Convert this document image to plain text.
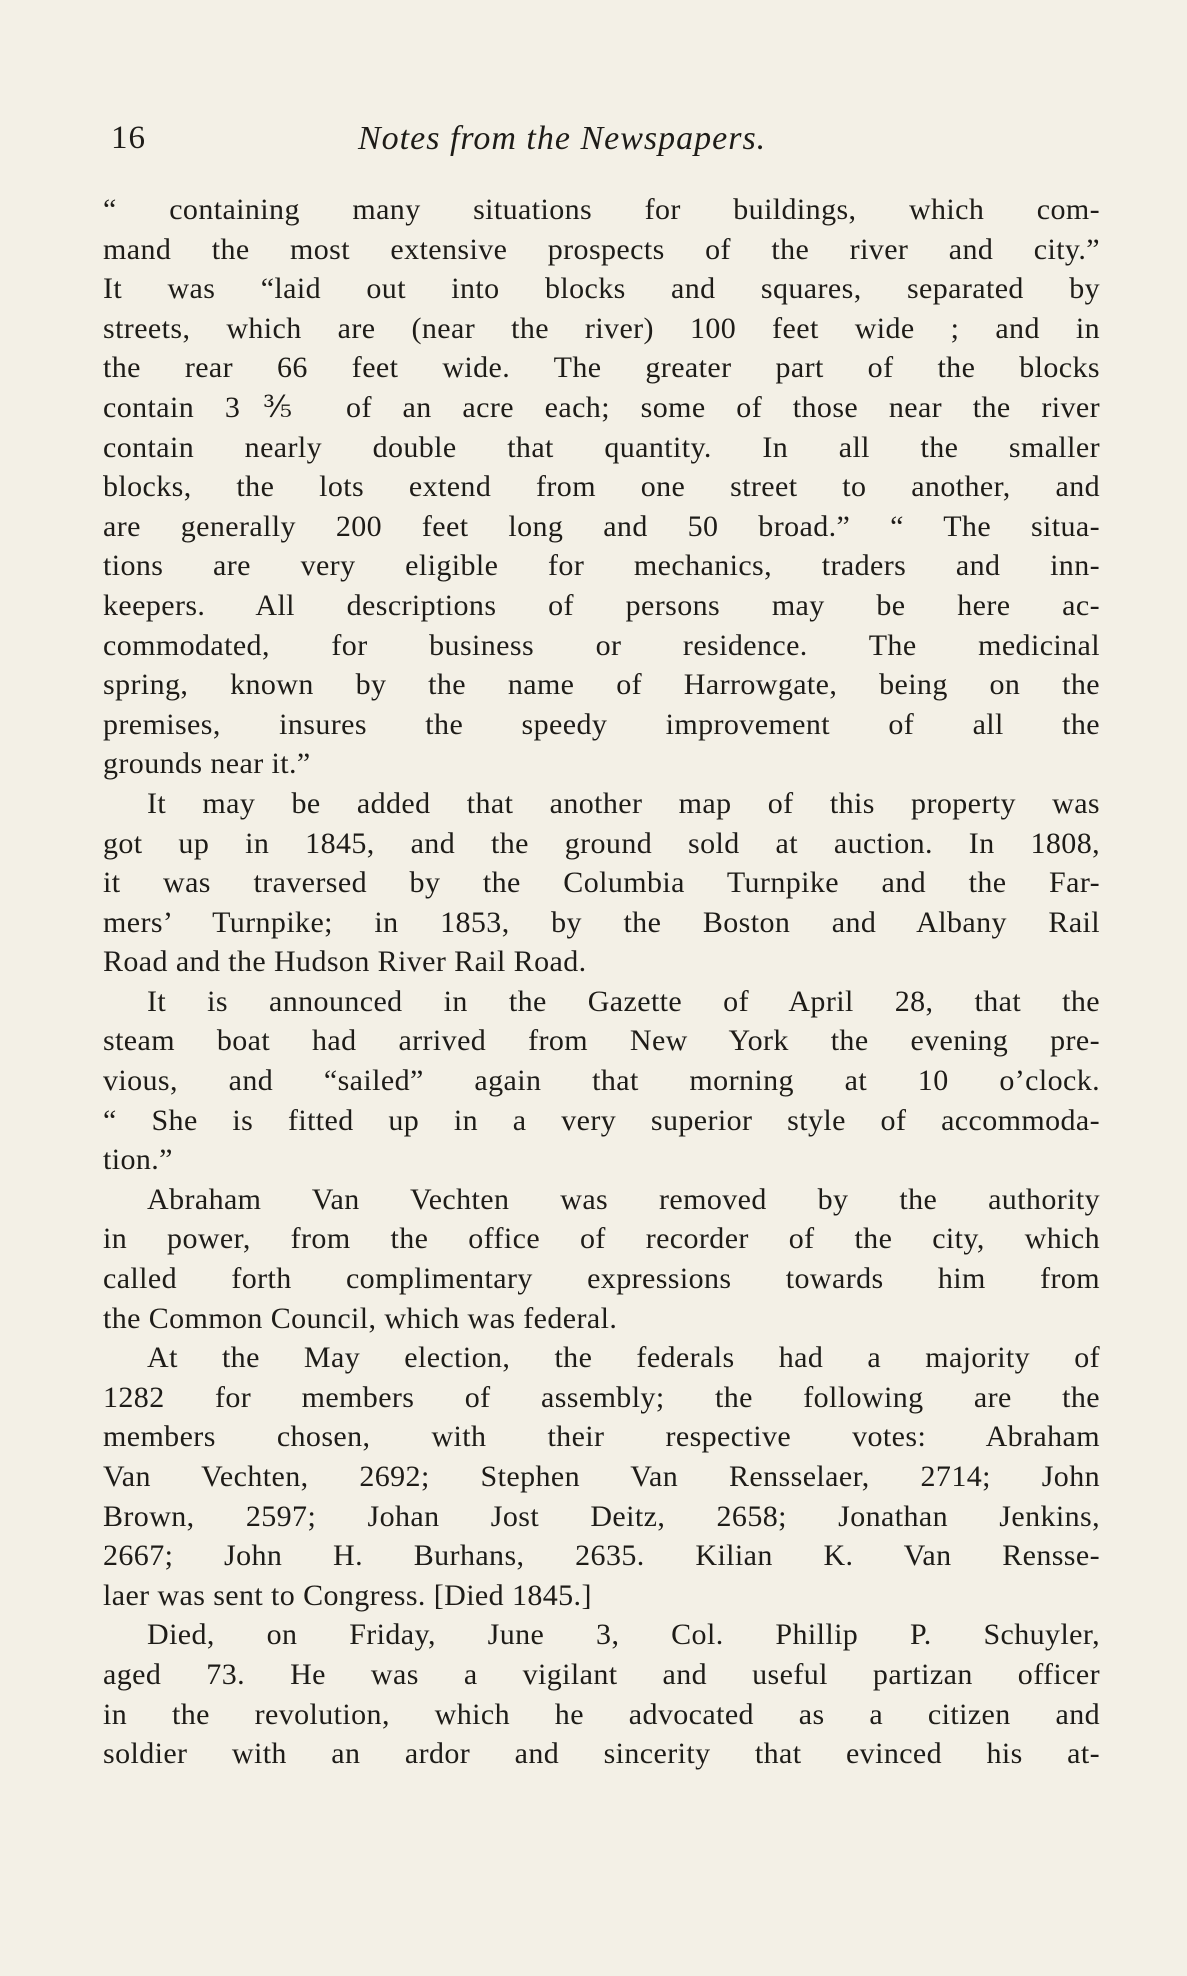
16	Notes from the Newspapers.
“ containing many situations for buildings, which com-
mand the most extensive prospects of the river and city.”
It was “laid out into blocks and squares, separated by
streets, which are (near the river) 100 feet wide ; and in
the rear 66 feet wide. The greater part of the blocks
contain 3⅗ of an acre each; some of those near the river
contain nearly double that quantity. In all the smaller
blocks, the lots extend from one street to another, and
are generally 200 feet long and 50 broad.” “ The situa-
tions are very eligible for mechanics, traders and inn-
keepers. All descriptions of persons may be here ac-
commodated, for business or residence. The medicinal
spring, known by the name of Harrowgate, being on the
premises, insures the speedy improvement of all the
grounds near it.”
It may be added that another map of this property was
got up in 1845, and the ground sold at auction. In 1808,
it was traversed by the Columbia Turnpike and the Far-
mers’ Turnpike; in 1853, by the Boston and Albany Rail
Road and the Hudson River Rail Road.
It is announced in the Gazette of April 28, that the
steam boat had arrived from New York the evening pre-
vious, and “sailed” again that morning at 10 o’clock.
“ She is fitted up in a very superior style of accommoda-
tion.”
Abraham Van Vechten was removed by the authority
in power, from the office of recorder of the city, which
called forth complimentary expressions towards him from
the Common Council, which was federal.
At the May election, the federals had a majority of
1282 for members of assembly; the following are the
members chosen, with their respective votes: Abraham
Van Vechten, 2692; Stephen Van Rensselaer, 2714; John
Brown, 2597; Johan Jost Deitz, 2658; Jonathan Jenkins,
2667; John H. Burhans, 2635. Kilian K. Van Rensse-
laer was sent to Congress. [Died 1845.]
Died, on Friday, June 3, Col. Phillip P. Schuyler,
aged 73. He was a vigilant and useful partizan officer
in the revolution, which he advocated as a citizen and
soldier with an ardor and sincerity that evinced his at-
